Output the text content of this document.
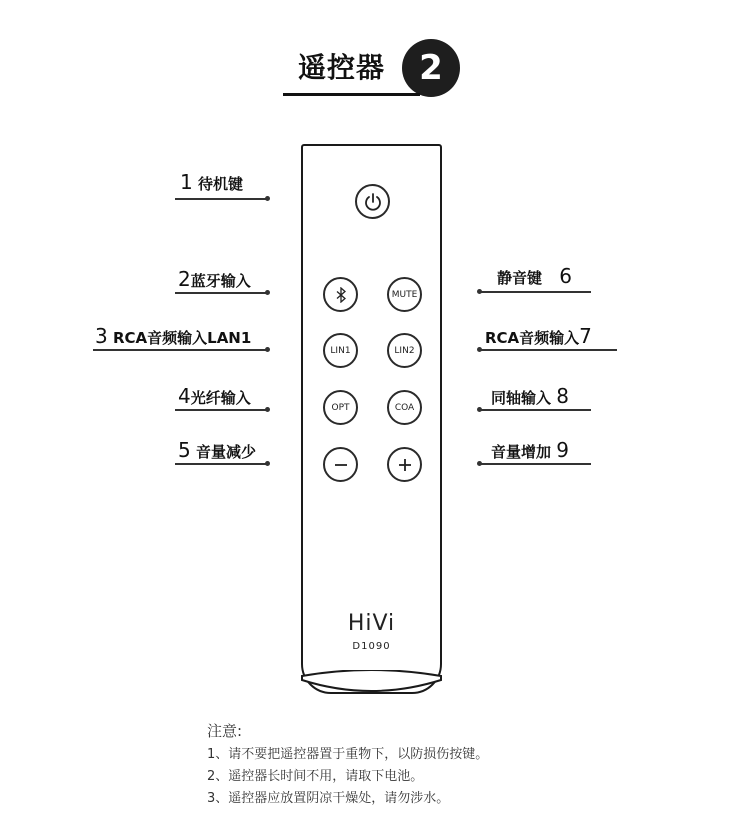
遥控器	2
MUTE
LIN1	LIN2
OPT	COA
HiVi
D1090
1 待机键
2蓝牙输入
3 RCA音频输入LAN1
4光纤输入
5 音量减少
静音键 6
RCA音频输入7
同轴输入 8
音量增加 9
注意:
1、请不要把遥控器置于重物下，以防损伤按键。
2、遥控器长时间不用，请取下电池。
3、遥控器应放置阴凉干燥处，请勿涉水。
